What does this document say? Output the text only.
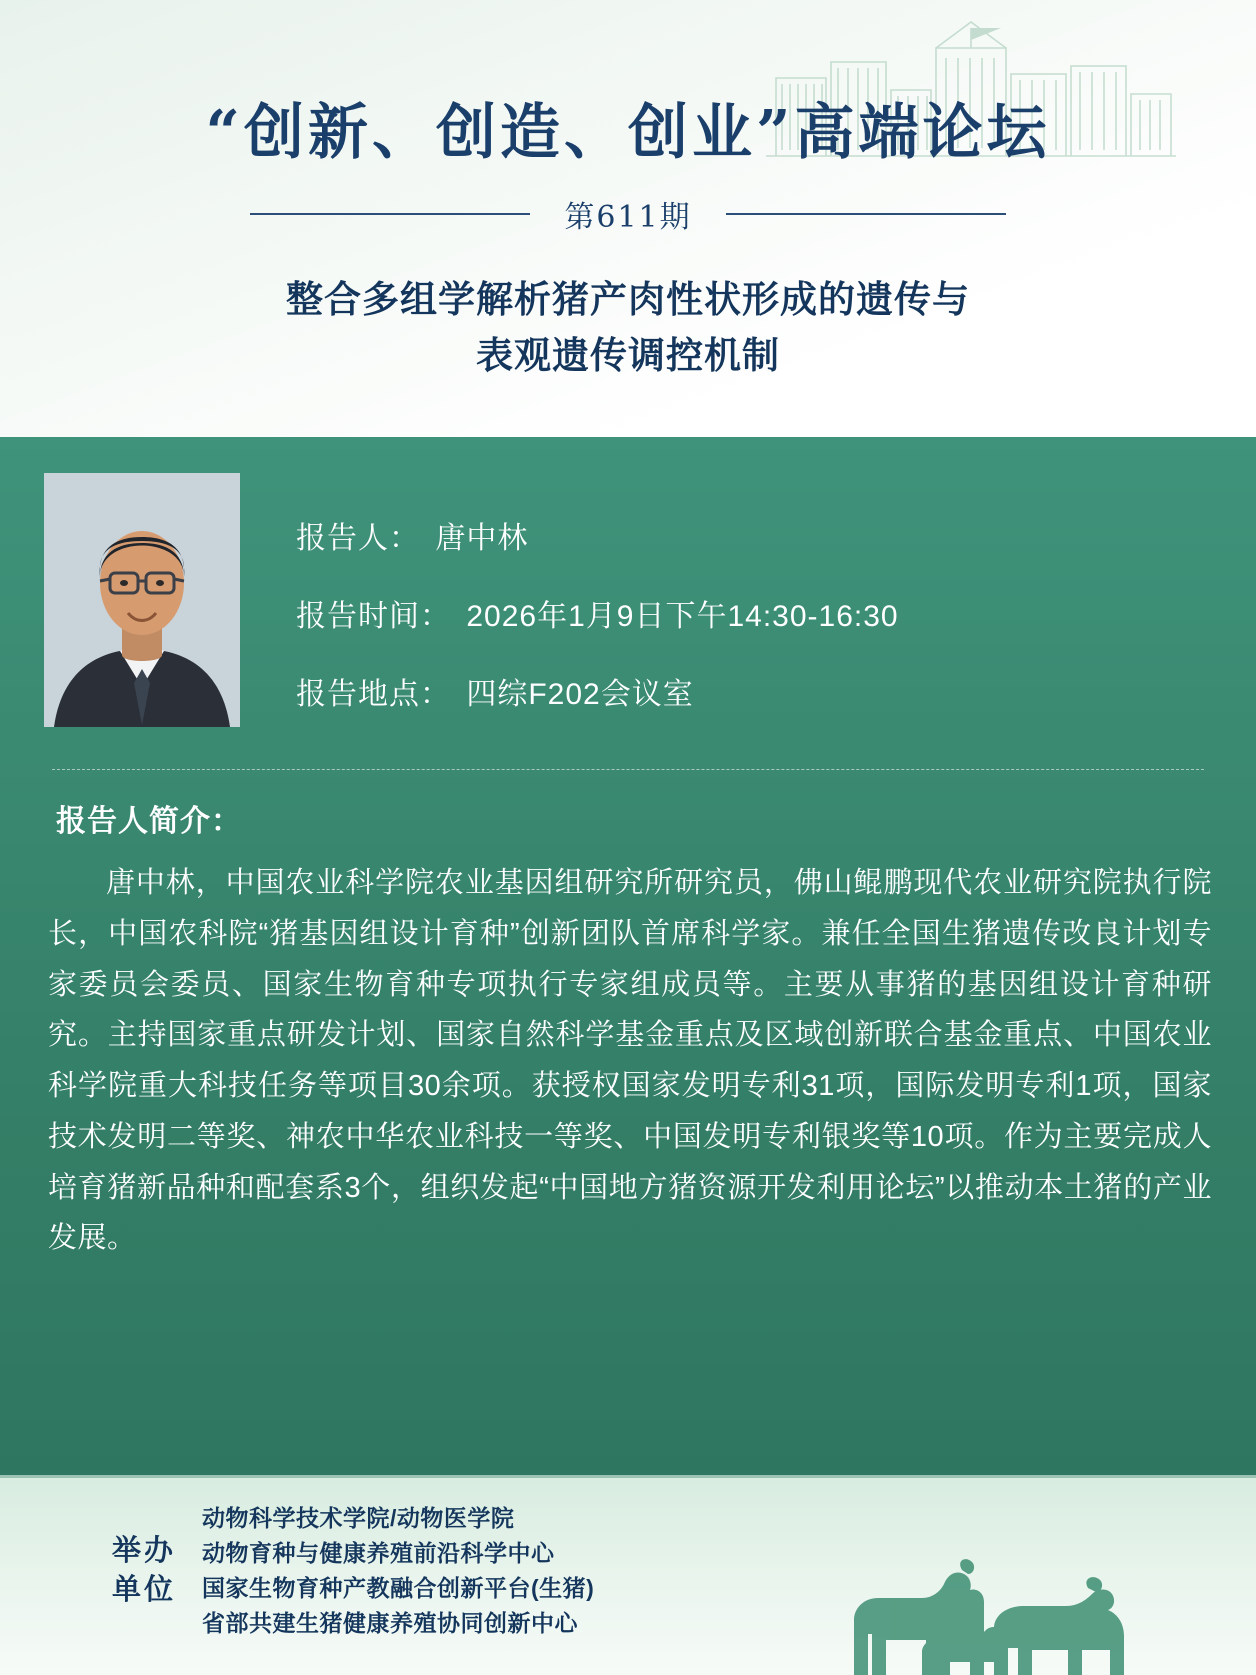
“创新、创造、创业”高端论坛
第611期
整合多组学解析猪产肉性状形成的遗传与
表观遗传调控机制
报告人： 唐中林
报告时间： 2026年1月9日下午14:30-16:30
报告地点： 四综F202会议室
报告人简介：
唐中林，中国农业科学院农业基因组研究所研究员，佛山鲲鹏现代农业研究院执行院长，中国农科院“猪基因组设计育种”创新团队首席科学家。兼任全国生猪遗传改良计划专家委员会委员、国家生物育种专项执行专家组成员等。主要从事猪的基因组设计育种研究。主持国家重点研发计划、国家自然科学基金重点及区域创新联合基金重点、中国农业科学院重大科技任务等项目30余项。获授权国家发明专利31项，国际发明专利1项，国家技术发明二等奖、神农中华农业科技一等奖、中国发明专利银奖等10项。作为主要完成人培育猪新品种和配套系3个，组织发起“中国地方猪资源开发利用论坛”以推动本土猪的产业发展。
举办
单位
动物科学技术学院/动物医学院
动物育种与健康养殖前沿科学中心
国家生物育种产教融合创新平台(生猪)
省部共建生猪健康养殖协同创新中心
